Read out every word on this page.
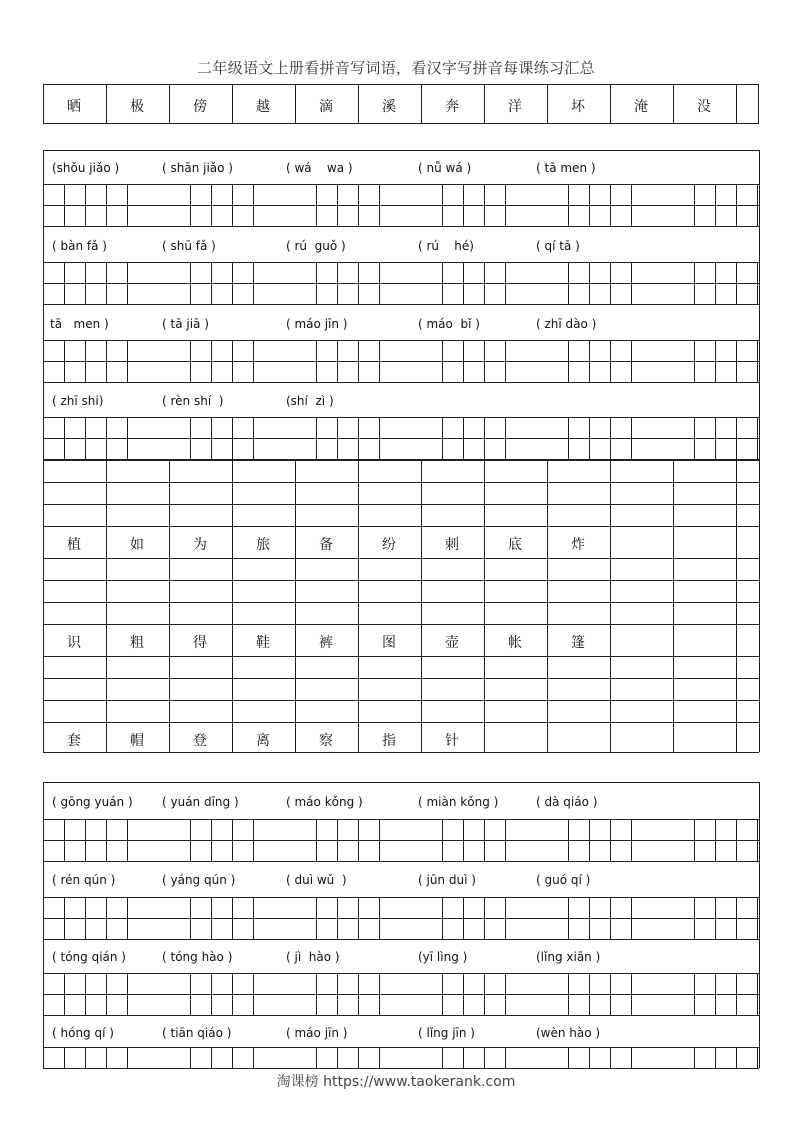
二年级语文上册看拼音写词语，看汉字写拼音每课练习汇总
晒	极	傍	越	滴	溪	奔	洋	坏	淹	没
(shǒu jiǎo )	( shān jiǎo )	( wá    wa )	( nǚ wá )	( tā men )
( bàn fǎ )	( shū fǎ )	( rú  guǒ )	( rú    hé)	( qí tā )
tā   men )	( tā jiā )	( máo jīn )	( máo  bǐ )	( zhī dào )
( zhī shi)	( rèn shí  )	(shí  zì )
植	如	为	旅	备	纷	刺	底	炸
识	粗	得	鞋	裤	图	壶	帐	篷
套	帽	登	离	察	指	针
( gōng yuán ) ( yuán dīng )	( máo kǒng )	( miàn kǒng )	( dà qiáo )
( rén qún )	( yáng qún )	( duì wǔ  )	( jūn duì )	( guó qí )
( tóng qián )	( tóng hào )	( jì  hào )	(yī lìng )	(lǐng xiān )
( hóng qí )	( tiān qiáo )	( máo jīn )	( lǐng jīn )	(wèn hào )
淘课榜 https://www.taokerank.com
